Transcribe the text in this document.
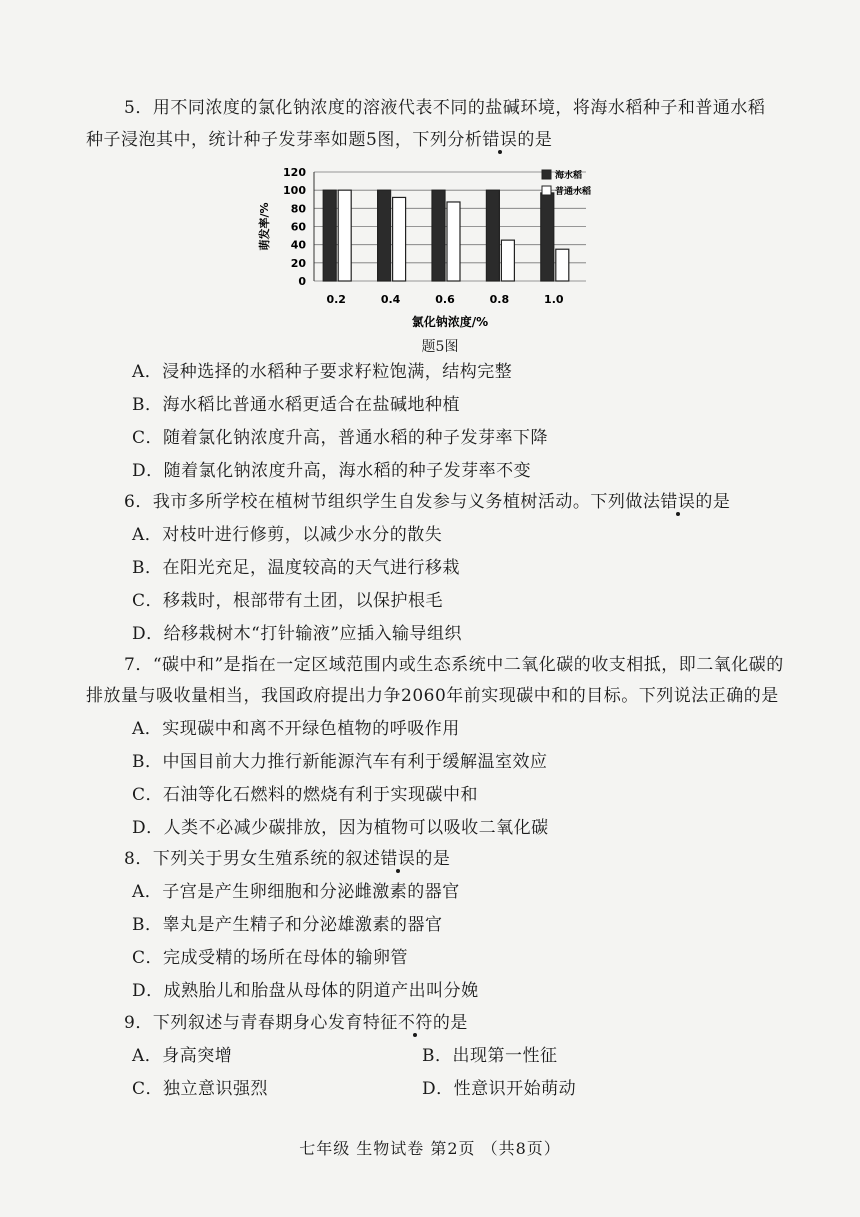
5．用不同浓度的氯化钠浓度的溶液代表不同的盐碱环境，将海水稻种子和普通水稻
种子浸泡其中，统计种子发芽率如题5图，下列分析错误的是
0
20
40
60
80
100
120
萌发率/%
0.2	0.4	0.6	0.8	1.0
氯化钠浓度/%
海水稻
普通水稻
题5图
A．浸种选择的水稻种子要求籽粒饱满，结构完整
B．海水稻比普通水稻更适合在盐碱地种植
C．随着氯化钠浓度升高，普通水稻的种子发芽率下降
D．随着氯化钠浓度升高，海水稻的种子发芽率不变
6．我市多所学校在植树节组织学生自发参与义务植树活动。下列做法错误的是
A．对枝叶进行修剪，以减少水分的散失
B．在阳光充足，温度较高的天气进行移栽
C．移栽时，根部带有土团，以保护根毛
D．给移栽树木“打针输液”应插入输导组织
7．“碳中和”是指在一定区域范围内或生态系统中二氧化碳的收支相抵，即二氧化碳的
排放量与吸收量相当，我国政府提出力争2060年前实现碳中和的目标。下列说法正确的是
A．实现碳中和离不开绿色植物的呼吸作用
B．中国目前大力推行新能源汽车有利于缓解温室效应
C．石油等化石燃料的燃烧有利于实现碳中和
D．人类不必减少碳排放，因为植物可以吸收二氧化碳
8．下列关于男女生殖系统的叙述错误的是
A．子宫是产生卵细胞和分泌雌激素的器官
B．睾丸是产生精子和分泌雄激素的器官
C．完成受精的场所在母体的输卵管
D．成熟胎儿和胎盘从母体的阴道产出叫分娩
9．下列叙述与青春期身心发育特征不符的是
A．身高突增	B．出现第一性征
C．独立意识强烈	D．性意识开始萌动
七年级 生物试卷 第2页 （共8页）
